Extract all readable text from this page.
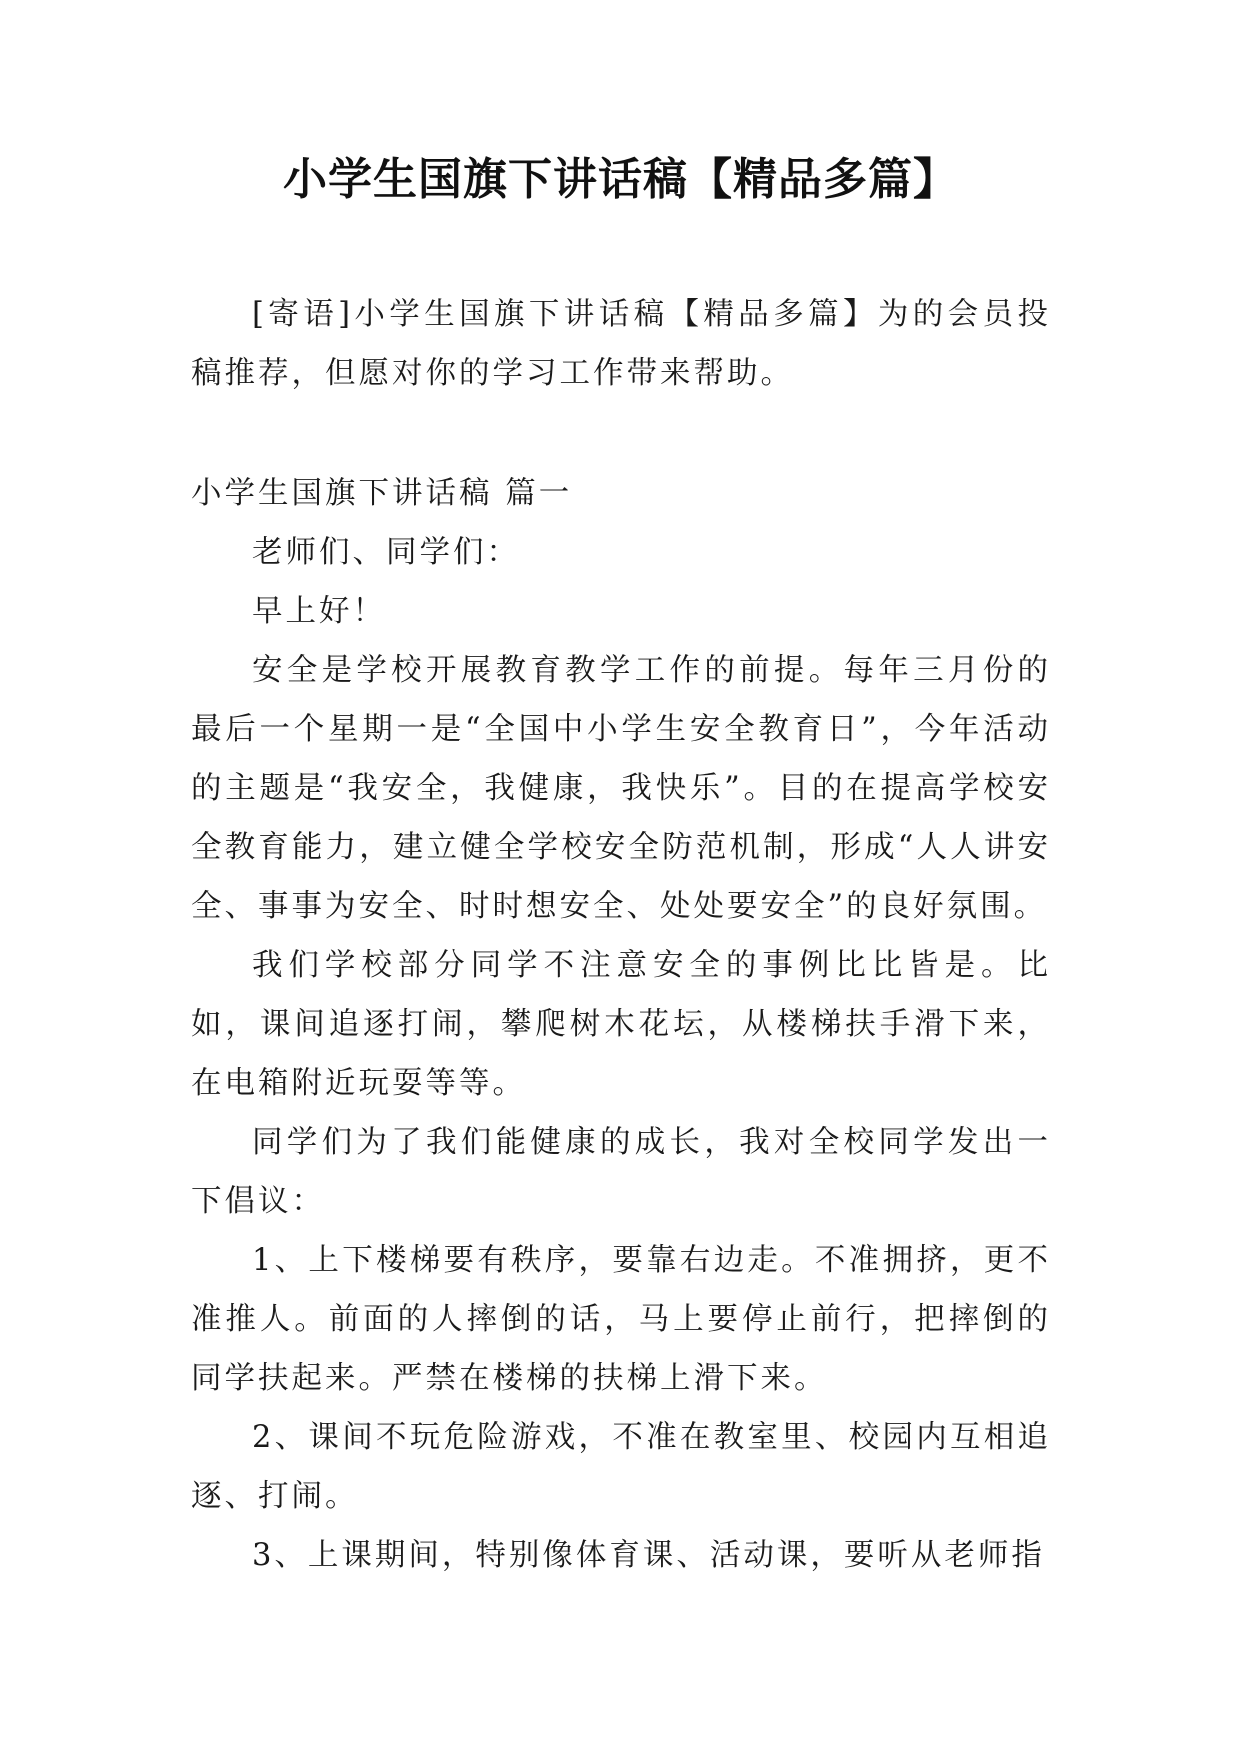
小学生国旗下讲话稿【精品多篇】

[寄语]小学生国旗下讲话稿【精品多篇】为的会员投稿推荐，但愿对你的学习工作带来帮助。

小学生国旗下讲话稿 篇一

老师们、同学们：

早上好！

安全是学校开展教育教学工作的前提。每年三月份的最后一个星期一是“全国中小学生安全教育日”，今年活动的主题是“我安全，我健康，我快乐”。目的在提高学校安全教育能力，建立健全学校安全防范机制，形成“人人讲安全、事事为安全、时时想安全、处处要安全”的良好氛围。

我们学校部分同学不注意安全的事例比比皆是。比如，课间追逐打闹，攀爬树木花坛，从楼梯扶手滑下来，在电箱附近玩耍等等。

同学们为了我们能健康的成长，我对全校同学发出一下倡议：

1、上下楼梯要有秩序，要靠右边走。不准拥挤，更不准推人。前面的人摔倒的话，马上要停止前行，把摔倒的同学扶起来。严禁在楼梯的扶梯上滑下来。

2、课间不玩危险游戏，不准在教室里、校园内互相追逐、打闹。

3、上课期间，特别像体育课、活动课，要听从老师指
